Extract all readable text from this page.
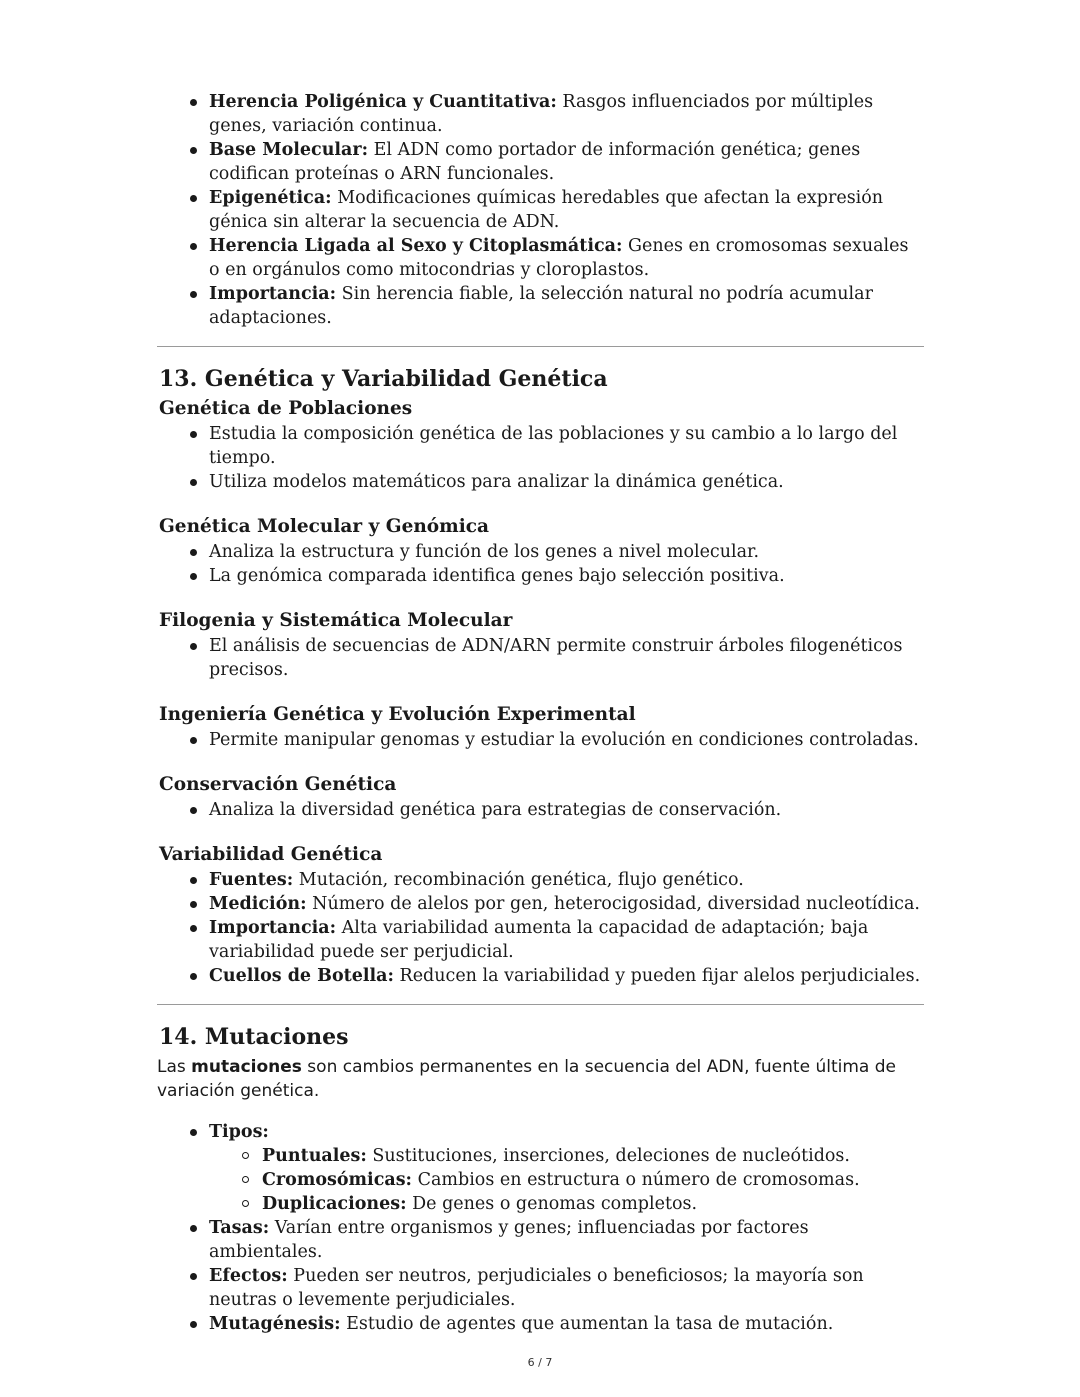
Herencia Poligénica y Cuantitativa: Rasgos influenciados por múltiples genes, variación continua.
Base Molecular: El ADN como portador de información genética; genes codifican proteínas o ARN funcionales.
Epigenética: Modificaciones químicas heredables que afectan la expresión génica sin alterar la secuencia de ADN.
Herencia Ligada al Sexo y Citoplasmática: Genes en cromosomas sexuales o en orgánulos como mitocondrias y cloroplastos.
Importancia: Sin herencia fiable, la selección natural no podría acumular adaptaciones.
13. Genética y Variabilidad Genética
Genética de Poblaciones
Estudia la composición genética de las poblaciones y su cambio a lo largo del tiempo.
Utiliza modelos matemáticos para analizar la dinámica genética.
Genética Molecular y Genómica
Analiza la estructura y función de los genes a nivel molecular.
La genómica comparada identifica genes bajo selección positiva.
Filogenia y Sistemática Molecular
El análisis de secuencias de ADN/ARN permite construir árboles filogenéticos precisos.
Ingeniería Genética y Evolución Experimental
Permite manipular genomas y estudiar la evolución en condiciones controladas.
Conservación Genética
Analiza la diversidad genética para estrategias de conservación.
Variabilidad Genética
Fuentes: Mutación, recombinación genética, flujo genético.
Medición: Número de alelos por gen, heterocigosidad, diversidad nucleotídica.
Importancia: Alta variabilidad aumenta la capacidad de adaptación; baja variabilidad puede ser perjudicial.
Cuellos de Botella: Reducen la variabilidad y pueden fijar alelos perjudiciales.
14. Mutaciones

Las mutaciones son cambios permanentes en la secuencia del ADN, fuente última de variación genética.

Tipos:
Puntuales: Sustituciones, inserciones, deleciones de nucleótidos.
Cromosómicas: Cambios en estructura o número de cromosomas.
Duplicaciones: De genes o genomas completos.
Tasas: Varían entre organismos y genes; influenciadas por factores ambientales.
Efectos: Pueden ser neutros, perjudiciales o beneficiosos; la mayoría son neutras o levemente perjudiciales.
Mutagénesis: Estudio de agentes que aumentan la tasa de mutación.
6 / 7
